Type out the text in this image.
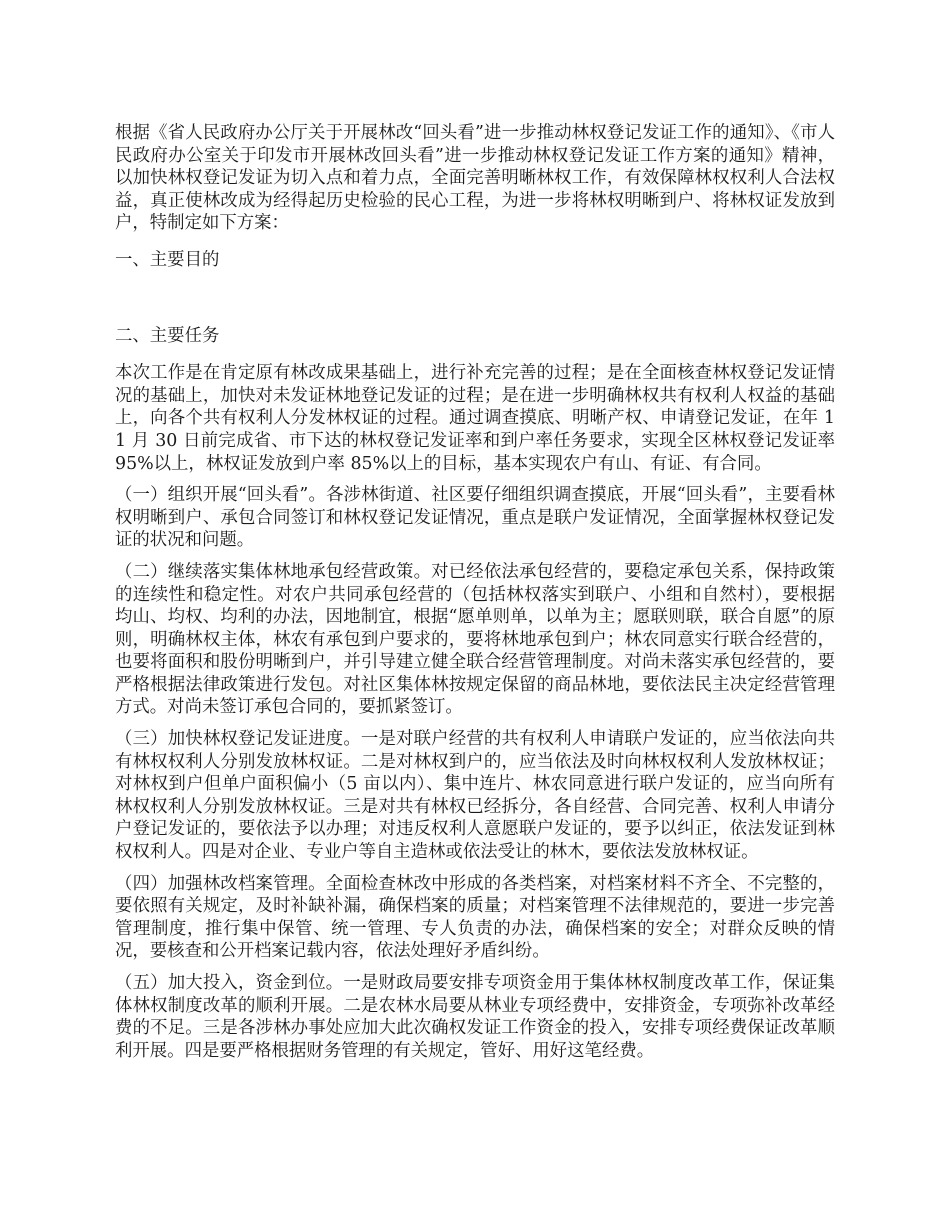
根据《省人民政府办公厅关于开展林改“回头看”进一步推动林权登记发证工作的通知》、《市人民政府办公室关于印发市开展林改回头看”进一步推动林权登记发证工作方案的通知》精神，以加快林权登记发证为切入点和着力点，全面完善明晰林权工作，有效保障林权权利人合法权益，真正使林改成为经得起历史检验的民心工程，为进一步将林权明晰到户、将林权证发放到户，特制定如下方案：

一、主要目的

二、主要任务

本次工作是在肯定原有林改成果基础上，进行补充完善的过程；是在全面核查林权登记发证情况的基础上，加快对未发证林地登记发证的过程；是在进一步明确林权共有权利人权益的基础上，向各个共有权利人分发林权证的过程。通过调查摸底、明晰产权、申请登记发证，在年 11 月 30 日前完成省、市下达的林权登记发证率和到户率任务要求，实现全区林权登记发证率 95%以上，林权证发放到户率 85%以上的目标，基本实现农户有山、有证、有合同。

（一）组织开展“回头看”。各涉林街道、社区要仔细组织调查摸底，开展“回头看”，主要看林权明晰到户、承包合同签订和林权登记发证情况，重点是联户发证情况，全面掌握林权登记发证的状况和问题。

（二）继续落实集体林地承包经营政策。对已经依法承包经营的，要稳定承包关系，保持政策的连续性和稳定性。对农户共同承包经营的（包括林权落实到联户、小组和自然村），要根据均山、均权、均利的办法，因地制宜，根据“愿单则单，以单为主；愿联则联，联合自愿”的原则，明确林权主体，林农有承包到户要求的，要将林地承包到户；林农同意实行联合经营的，也要将面积和股份明晰到户，并引导建立健全联合经营管理制度。对尚未落实承包经营的，要严格根据法律政策进行发包。对社区集体林按规定保留的商品林地，要依法民主决定经营管理方式。对尚未签订承包合同的，要抓紧签订。

（三）加快林权登记发证进度。一是对联户经营的共有权利人申请联户发证的，应当依法向共有林权权利人分别发放林权证。二是对林权到户的，应当依法及时向林权权利人发放林权证；对林权到户但单户面积偏小（5 亩以内）、集中连片、林农同意进行联户发证的，应当向所有林权权利人分别发放林权证。三是对共有林权已经拆分，各自经营、合同完善、权利人申请分户登记发证的，要依法予以办理；对违反权利人意愿联户发证的，要予以纠正，依法发证到林权权利人。四是对企业、专业户等自主造林或依法受让的林木，要依法发放林权证。

（四）加强林改档案管理。全面检查林改中形成的各类档案，对档案材料不齐全、不完整的，要依照有关规定，及时补缺补漏，确保档案的质量；对档案管理不法律规范的，要进一步完善管理制度，推行集中保管、统一管理、专人负责的办法，确保档案的安全；对群众反映的情况，要核查和公开档案记载内容，依法处理好矛盾纠纷。

（五）加大投入，资金到位。一是财政局要安排专项资金用于集体林权制度改革工作，保证集体林权制度改革的顺利开展。二是农林水局要从林业专项经费中，安排资金，专项弥补改革经费的不足。三是各涉林办事处应加大此次确权发证工作资金的投入，安排专项经费保证改革顺利开展。四是要严格根据财务管理的有关规定，管好、用好这笔经费。
